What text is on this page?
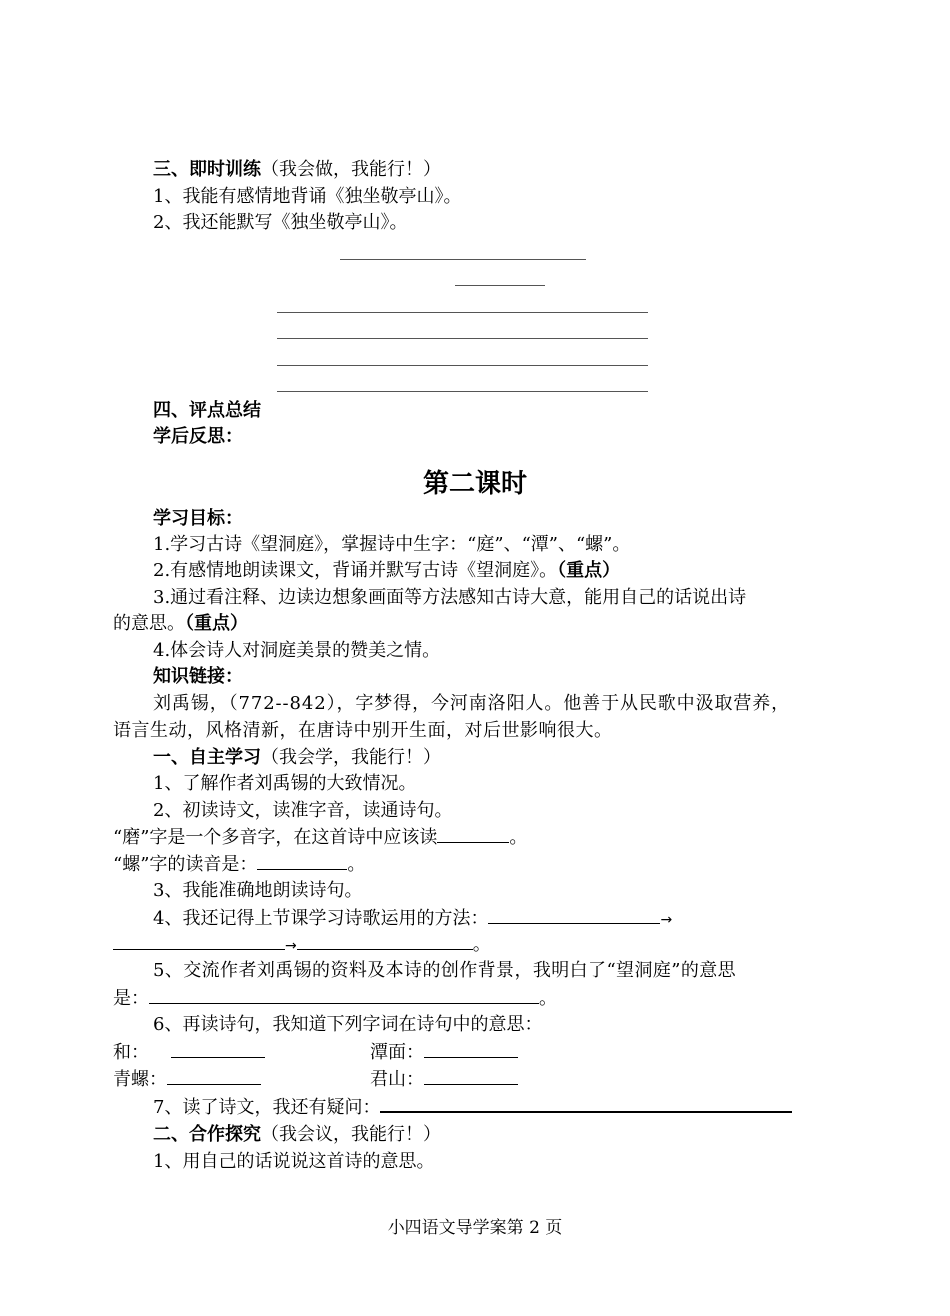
三、即时训练（我会做，我能行！）
1、我能有感情地背诵《独坐敬亭山》。
2、我还能默写《独坐敬亭山》。
四、评点总结
学后反思：
第二课时
学习目标：
1.学习古诗《望洞庭》，掌握诗中生字：“庭”、“潭”、“螺”。
2.有感情地朗读课文，背诵并默写古诗《望洞庭》。（重点）
3.通过看注释、边读边想象画面等方法感知古诗大意，能用自己的话说出诗
的意思。（重点）
4.体会诗人对洞庭美景的赞美之情。
知识链接：
刘禹锡，（772--842），字梦得，今河南洛阳人。他善于从民歌中汲取营养，
语言生动，风格清新，在唐诗中别开生面，对后世影响很大。
一、自主学习（我会学，我能行！）
1、了解作者刘禹锡的大致情况。
2、初读诗文，读准字音，读通诗句。
“磨”字是一个多音字，在这首诗中应该读	。
“螺”字的读音是：	。
3、我能准确地朗读诗句。
4、我还记得上节课学习诗歌运用的方法：	→
→	。
5、交流作者刘禹锡的资料及本诗的创作背景，我明白了“望洞庭”的意思
是：	。
6、再读诗句，我知道下列字词在诗句中的意思：
和：	潭面：
青螺：	君山：
7、读了诗文，我还有疑问：
二、合作探究（我会议，我能行！）
1、用自己的话说说这首诗的意思。
小四语文导学案第 2 页
